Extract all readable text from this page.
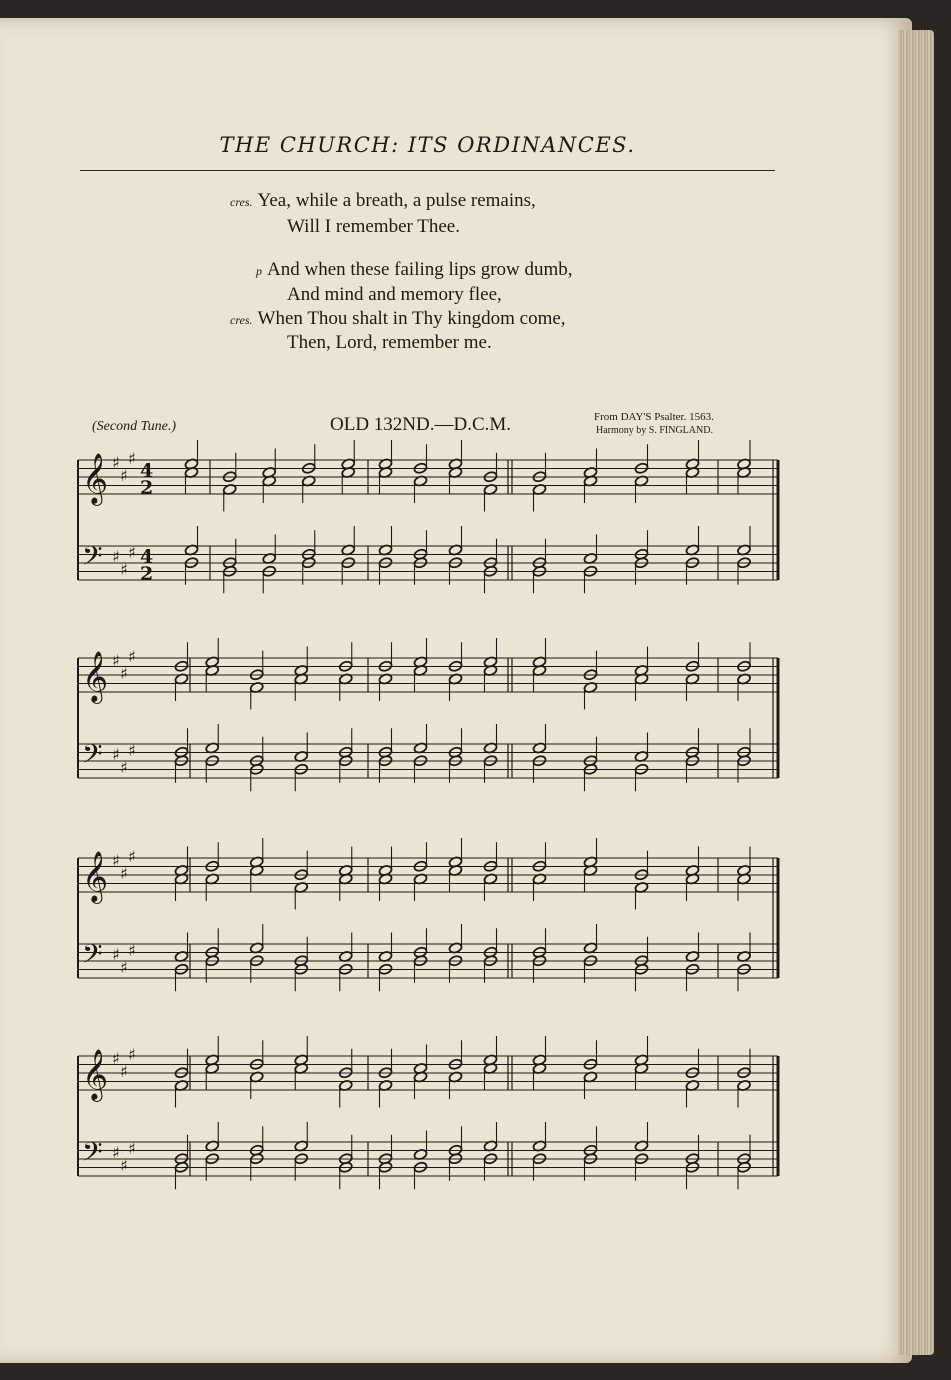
THE CHURCH: ITS ORDINANCES.
cres. Yea, while a breath, a pulse remains,
Will I remember Thee.
p And when these failing lips grow dumb,
And mind and memory flee,
cres. When Thou shalt in Thy kingdom come,
Then, Lord, remember me.
(Second Tune.)	OLD 132ND.—D.C.M.	From DAY'S Psalter. 1563.
Harmony by S. FINGLAND.
𝄞 ♯
♯
♯
4
2
𝄢 ♯
♯
♯ 4
2
𝄞 ♯
♯
♯
𝄢 ♯
♯
♯
𝄞 ♯
♯
♯
𝄢 ♯
♯
♯
𝄞 ♯
♯
♯
𝄢 ♯
♯
♯
